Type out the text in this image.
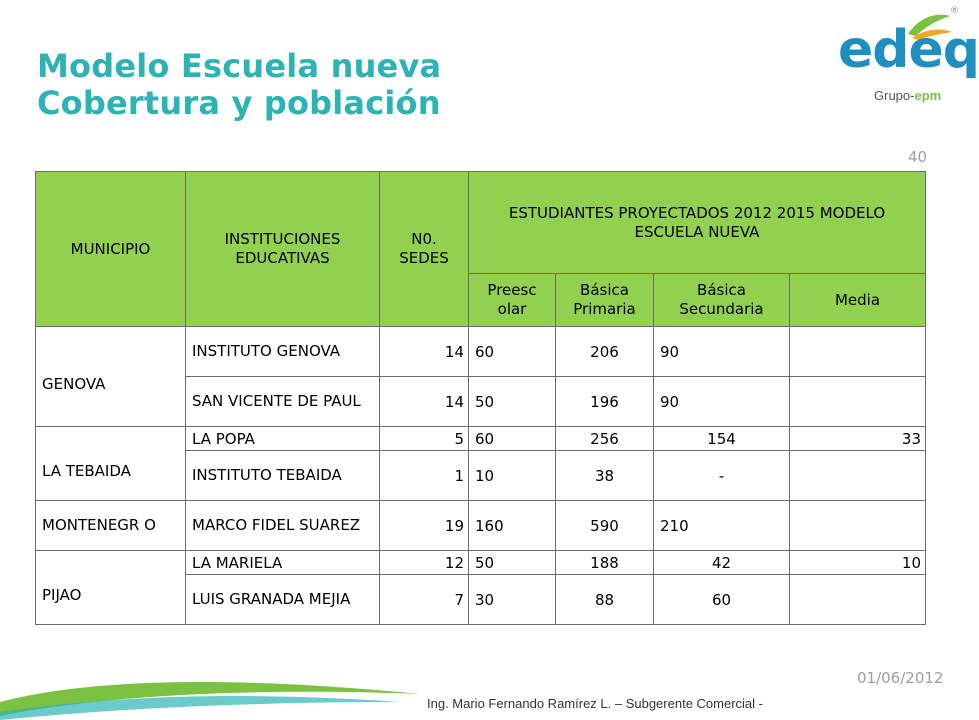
Modelo Escuela nueva
Cobertura y población
edeq
®
Grupo-epm
40
MUNICIPIO	INSTITUCIONES EDUCATIVAS	N0. SEDES	ESTUDIANTES PROYECTADOS 2012 2015 MODELO ESCUELA NUEVA			
			Preesc olar	Básica Primaria	Básica Secundaria	Media
GENOVA	INSTITUTO GENOVA	14	60	206	90	
	SAN VICENTE DE PAUL	14	50	196	90	
LA TEBAIDA	LA POPA	5	60	256	154	33
	INSTITUTO TEBAIDA	1	10	38	-	
MONTENEGR O	MARCO FIDEL SUAREZ	19	160	590	210	
PIJAO	LA MARIELA	12	50	188	42	10
	LUIS GRANADA MEJIA	7	30	88	60	
01/06/2012
Ing. Mario Fernando Ramírez L. – Subgerente Comercial -
